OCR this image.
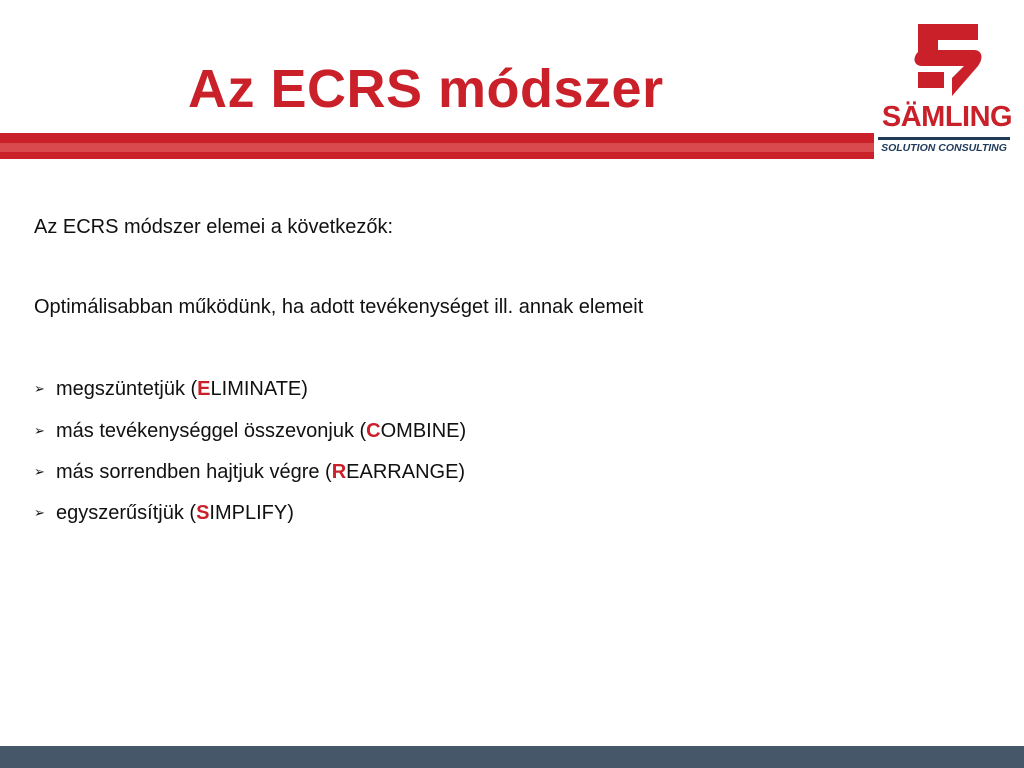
Az ECRS módszer	SÄMLING
SOLUTION CONSULTING
Az ECRS módszer elemei a következők:
Optimálisabban működünk, ha adott tevékenységet ill. annak elemeit
➢ megszüntetjük (ELIMINATE)
➢ más tevékenységgel összevonjuk (COMBINE)
➢ más sorrendben hajtjuk végre (REARRANGE)
➢ egyszerűsítjük (SIMPLIFY)
